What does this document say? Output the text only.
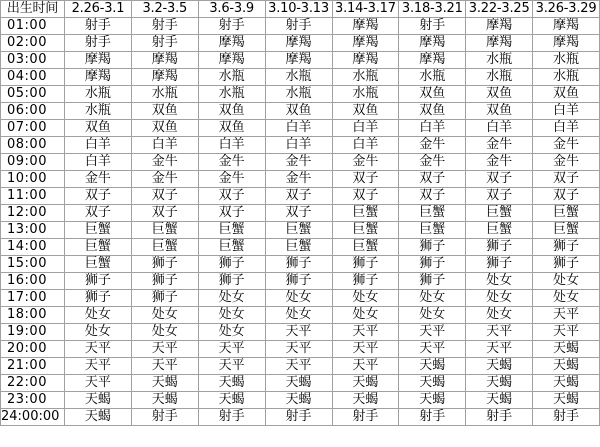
出生时间	2.26-3.1	3.2-3.5	3.6-3.9	3.10-3.13	3.14-3.17	3.18-3.21	3.22-3.25	3.26-3.29
01:00	射手	射手	射手	射手	摩羯	射手	摩羯	摩羯
02:00	射手	射手	摩羯	摩羯	摩羯	摩羯	摩羯	摩羯
03:00	摩羯	摩羯	摩羯	摩羯	摩羯	摩羯	水瓶	水瓶
04:00	摩羯	摩羯	水瓶	水瓶	水瓶	水瓶	水瓶	水瓶
05:00	水瓶	水瓶	水瓶	水瓶	水瓶	双鱼	双鱼	双鱼
06:00	水瓶	双鱼	双鱼	双鱼	双鱼	双鱼	双鱼	白羊
07:00	双鱼	双鱼	双鱼	白羊	白羊	白羊	白羊	白羊
08:00	白羊	白羊	白羊	白羊	白羊	金牛	金牛	金牛
09:00	白羊	金牛	金牛	金牛	金牛	金牛	金牛	金牛
10:00	金牛	金牛	金牛	金牛	双子	双子	双子	双子
11:00	双子	双子	双子	双子	双子	双子	双子	双子
12:00	双子	双子	双子	双子	巨蟹	巨蟹	巨蟹	巨蟹
13:00	巨蟹	巨蟹	巨蟹	巨蟹	巨蟹	巨蟹	巨蟹	巨蟹
14:00	巨蟹	巨蟹	巨蟹	巨蟹	巨蟹	狮子	狮子	狮子
15:00	巨蟹	狮子	狮子	狮子	狮子	狮子	狮子	狮子
16:00	狮子	狮子	狮子	狮子	狮子	狮子	处女	处女
17:00	狮子	狮子	处女	处女	处女	处女	处女	处女
18:00	处女	处女	处女	处女	处女	处女	处女	天平
19:00	处女	处女	处女	天平	天平	天平	天平	天平
20:00	天平	天平	天平	天平	天平	天平	天平	天蝎
21:00	天平	天平	天平	天平	天平	天蝎	天蝎	天蝎
22:00	天平	天蝎	天蝎	天蝎	天蝎	天蝎	天蝎	天蝎
23:00	天蝎	天蝎	天蝎	天蝎	天蝎	天蝎	天蝎	天蝎
24:00:00	天蝎	射手	射手	射手	射手	射手	射手	射手
